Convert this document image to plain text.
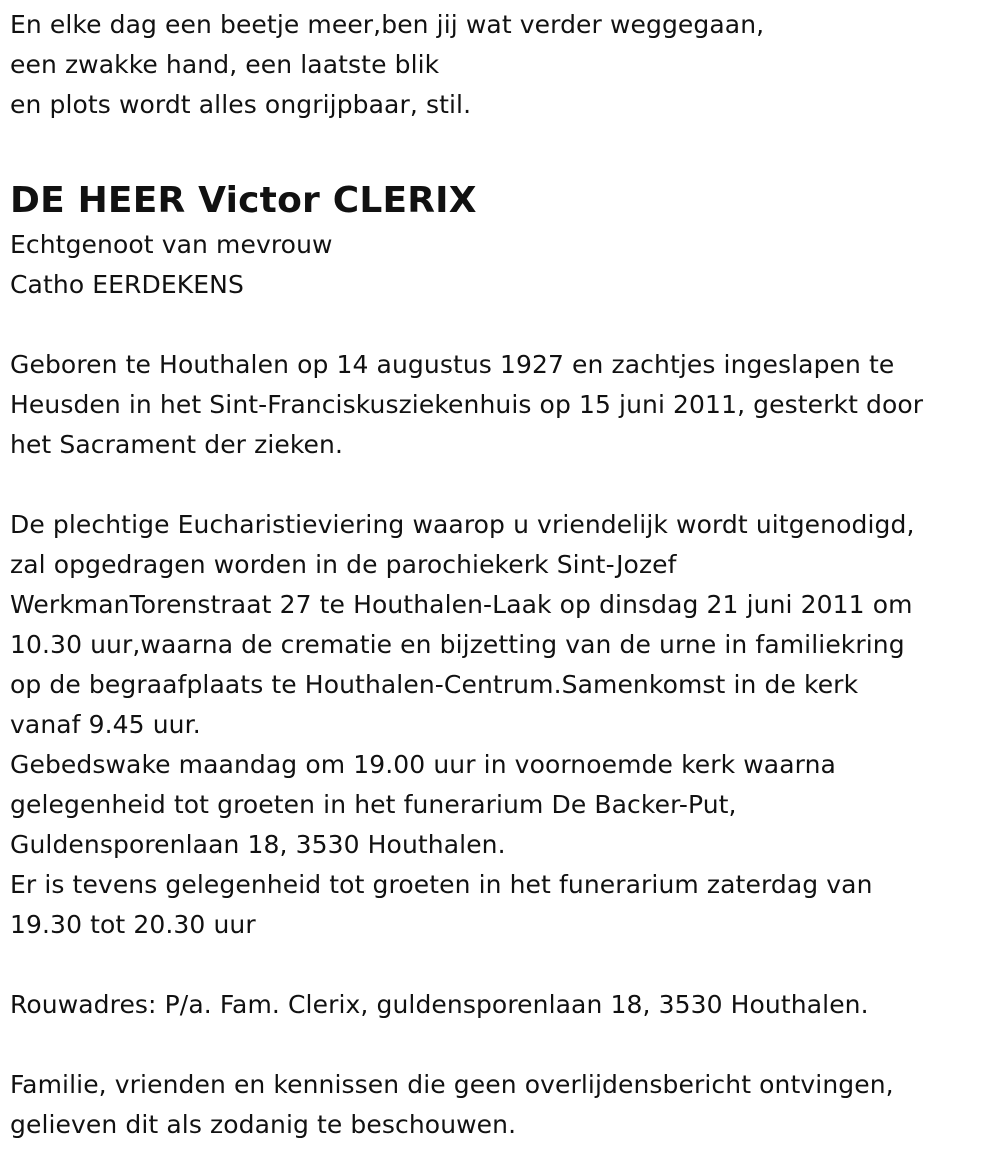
En elke dag een beetje meer,ben jij wat verder weggegaan,
een zwakke hand, een laatste blik
en plots wordt alles ongrijpbaar, stil.
DE HEER Victor CLERIX
Echtgenoot van mevrouw
Catho EERDEKENS
Geboren te Houthalen op 14 augustus 1927 en zachtjes ingeslapen te
Heusden in het Sint-Franciskusziekenhuis op 15 juni 2011, gesterkt door
het Sacrament der zieken.
De plechtige Eucharistieviering waarop u vriendelijk wordt uitgenodigd,
zal opgedragen worden in de parochiekerk Sint-Jozef
WerkmanTorenstraat 27 te Houthalen-Laak op dinsdag 21 juni 2011 om
10.30 uur,waarna de crematie en bijzetting van de urne in familiekring
op de begraafplaats te Houthalen-Centrum.Samenkomst in de kerk
vanaf 9.45 uur.
Gebedswake maandag om 19.00 uur in voornoemde kerk waarna
gelegenheid tot groeten in het funerarium De Backer-Put,
Guldensporenlaan 18, 3530 Houthalen.
Er is tevens gelegenheid tot groeten in het funerarium zaterdag van
19.30 tot 20.30 uur
Rouwadres: P/a. Fam. Clerix, guldensporenlaan 18, 3530 Houthalen.
Familie, vrienden en kennissen die geen overlijdensbericht ontvingen,
gelieven dit als zodanig te beschouwen.
